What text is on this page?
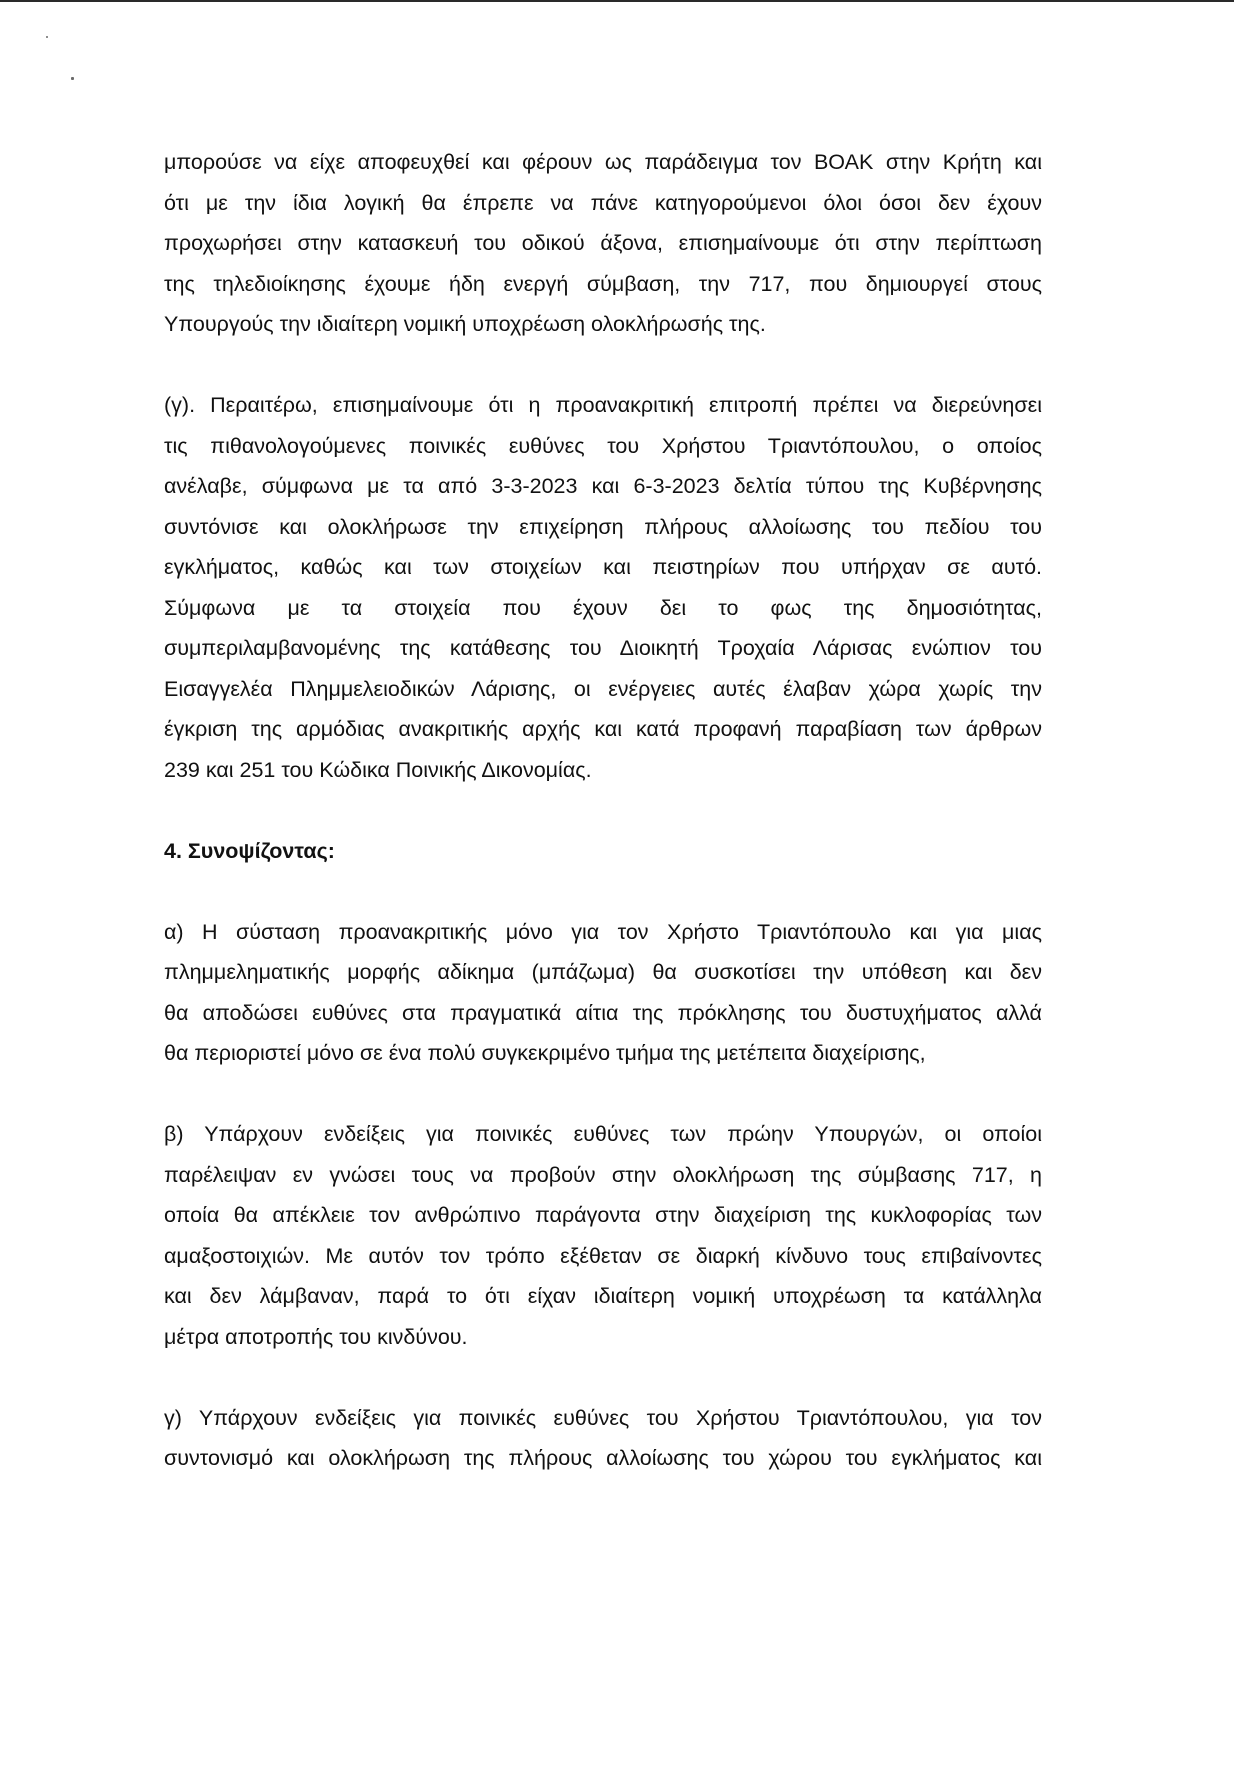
μπορούσε να είχε αποφευχθεί και φέρουν ως παράδειγμα τον ΒΟΑΚ στην Κρήτη και
ότι με την ίδια λογική θα έπρεπε να πάνε κατηγορούμενοι όλοι όσοι δεν έχουν
προχωρήσει στην κατασκευή του οδικού άξονα, επισημαίνουμε ότι στην περίπτωση
της τηλεδιοίκησης έχουμε ήδη ενεργή σύμβαση, την 717, που δημιουργεί στους
Υπουργούς την ιδιαίτερη νομική υποχρέωση ολοκλήρωσής της.

(γ). Περαιτέρω, επισημαίνουμε ότι η προανακριτική επιτροπή πρέπει να διερεύνησει
τις πιθανολογούμενες ποινικές ευθύνες του Χρήστου Τριαντόπουλου, ο οποίος
ανέλαβε, σύμφωνα με τα από 3-3-2023 και 6-3-2023 δελτία τύπου της Κυβέρνησης
συντόνισε και ολοκλήρωσε την επιχείρηση πλήρους αλλοίωσης του πεδίου του
εγκλήματος, καθώς και των στοιχείων και πειστηρίων που υπήρχαν σε αυτό.
Σύμφωνα με τα στοιχεία που έχουν δει το φως της δημοσιότητας,
συμπεριλαμβανομένης της κατάθεσης του Διοικητή Τροχαία Λάρισας ενώπιον του
Εισαγγελέα Πλημμελειοδικών Λάρισης, οι ενέργειες αυτές έλαβαν χώρα χωρίς την
έγκριση της αρμόδιας ανακριτικής αρχής και κατά προφανή παραβίαση των άρθρων
239 και 251 του Κώδικα Ποινικής Δικονομίας.

4. Συνοψίζοντας:

α) Η σύσταση προανακριτικής μόνο για τον Χρήστο Τριαντόπουλο και για μιας
πλημμεληματικής μορφής αδίκημα (μπάζωμα) θα συσκοτίσει την υπόθεση και δεν
θα αποδώσει ευθύνες στα πραγματικά αίτια της πρόκλησης του δυστυχήματος αλλά
θα περιοριστεί μόνο σε ένα πολύ συγκεκριμένο τμήμα της μετέπειτα διαχείρισης,

β) Υπάρχουν ενδείξεις για ποινικές ευθύνες των πρώην Υπουργών, οι οποίοι
παρέλειψαν εν γνώσει τους να προβούν στην ολοκλήρωση της σύμβασης 717, η
οποία θα απέκλειε τον ανθρώπινο παράγοντα στην διαχείριση της κυκλοφορίας των
αμαξοστοιχιών. Με αυτόν τον τρόπο εξέθεταν σε διαρκή κίνδυνο τους επιβαίνοντες
και δεν λάμβαναν, παρά το ότι είχαν ιδιαίτερη νομική υποχρέωση τα κατάλληλα
μέτρα αποτροπής του κινδύνου.

γ) Υπάρχουν ενδείξεις για ποινικές ευθύνες του Χρήστου Τριαντόπουλου, για τον
συντονισμό και ολοκλήρωση της πλήρους αλλοίωσης του χώρου του εγκλήματος και
